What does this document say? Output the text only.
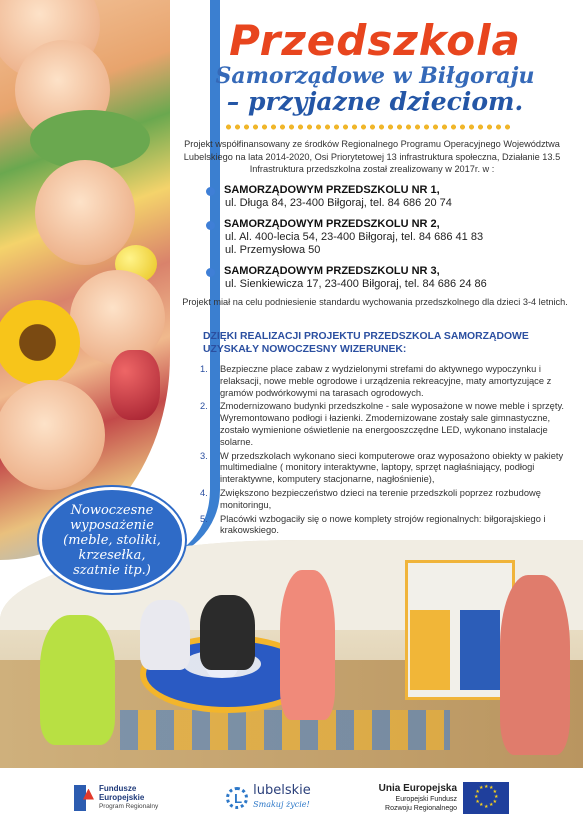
Przedszkola
Samorządowe w Biłgoraju
– przyjazne dzieciom.

Projekt współfinansowany ze środków Regionalnego Programu Operacyjnego Województwa Lubelskiego na lata 2014-2020, Osi Priorytetowej 13 infrastruktura społeczna, Działanie 13.5 Infrastruktura przedszkolna został zrealizowany w 2017r. w :

SAMORZĄDOWYM PRZEDSZKOLU NR 1,
ul. Długa 84, 23-400 Biłgoraj, tel. 84 686 20 74
SAMORZĄDOWYM PRZEDSZKOLU NR 2,
ul. Al. 400-lecia 54, 23-400 Biłgoraj, tel. 84 686 41 83
ul. Przemysłowa 50
SAMORZĄDOWYM PRZEDSZKOLU NR 3,
ul. Sienkiewicza 17, 23-400 Biłgoraj, tel. 84 686 24 86

Projekt miał na celu podniesienie standardu wychowania przedszkolnego dla dzieci 3-4 letnich.

DZIĘKI REALIZACJI PROJEKTU PRZEDSZKOLA SAMORZĄDOWE UZYSKAŁY NOWOCZESNY WIZERUNEK:
1.	Bezpieczne place zabaw z wydzielonymi strefami do aktywnego wypoczynku i relaksacji, nowe meble ogrodowe i urządzenia rekreacyjne, maty amortyzujące z gramów podwórkowymi na tarasach ogrodowych.
2.	Zmodernizowano budynki przedszkolne - sale wyposażone w nowe meble i sprzęty. Wyremontowano podłogi i łazienki. Zmodernizowane zostały sale gimnastyczne, zostało wymienione oświetlenie na energooszczędne LED, wykonano instalacje solarne.
3.	W przedszkolach wykonano sieci komputerowe oraz wyposażono obiekty w pakiety multimedialne ( monitory interaktywne, laptopy, sprzęt nagłaśniający, podłogi interaktywne, komputery stacjonarne, nagłośnienie),
4.	Zwiększono bezpieczeństwo dzieci na terenie przedszkoli poprzez rozbudowę monitoringu,
5.	Placówki wzbogaciły się o nowe komplety strojów regionalnych: biłgorajskiego i krakowskiego.
Nowoczesne wyposażenie (meble, stoliki, krzesełka, szatnie itp.)
Fundusze
Europejskie
Program Regionalny
L
lubelskie
Smakuj życie!
Unia Europejska
Europejski Fundusz
Rozwoju Regionalnego
★
★
★
★
★
★
★
★
★ ★ ★
★
